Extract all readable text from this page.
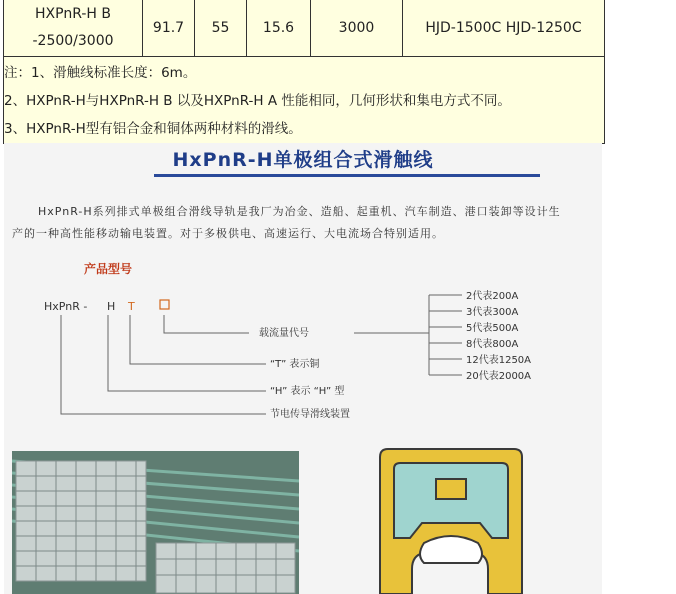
HXPnR-H B
-2500/3000
91.7	55	15.6	3000	HJD-1500C HJD-1250C
注：1、滑触线标准长度：6m。
2、HXPnR-H与HXPnR-H B 以及HXPnR-H A 性能相同，几何形状和集电方式不同。
3、HXPnR-H型有铝合金和铜体两种材料的滑线。
HxPnR-H单极组合式滑触线
HxPnR-H系列排式单极组合滑线导轨是我厂为冶金、造船、起重机、汽车制造、港口装卸等设计生
产的一种高性能移动输电装置。对于多极供电、高速运行、大电流场合特别适用。
产品型号
HxPnR - H T
载流量代号
“T” 表示铜
“H” 表示 “H” 型
节电传导滑线装置
2代表200A
3代表300A
5代表500A
8代表800A
12代表1250A
20代表2000A
